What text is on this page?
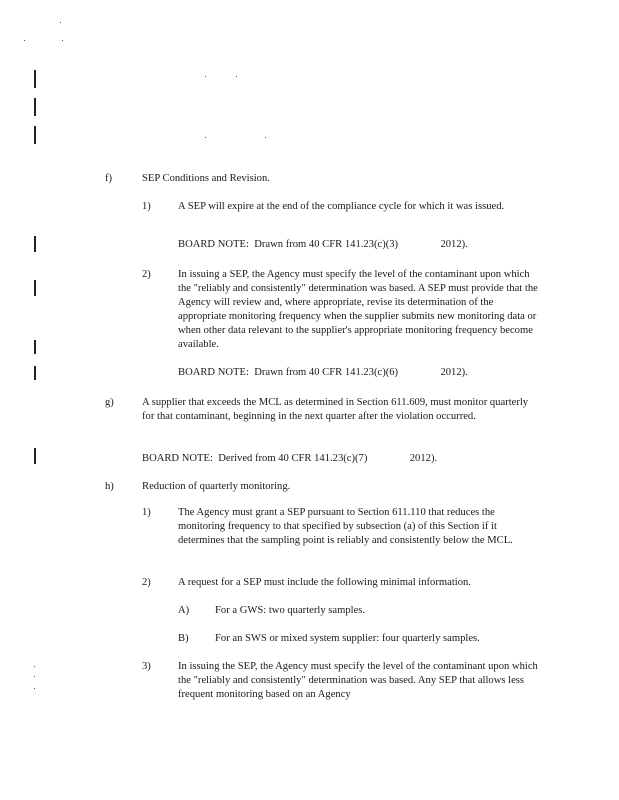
f)	SEP Conditions and Revision.

1)	A SEP will expire at the end of the compliance cycle for which it was issued.

BOARD NOTE:  Drawn from 40 CFR 141.23(c)(3)                2012).

2)	In issuing a SEP, the Agency must specify the level of the contaminant upon which the "reliably and consistently" determination was based. A SEP must provide that the Agency will review and, where appropriate, revise its determination of the appropriate monitoring frequency when the supplier submits new monitoring data or when other data relevant to the supplier's appropriate monitoring frequency become available.

BOARD NOTE:  Drawn from 40 CFR 141.23(c)(6)                2012).

g)	A supplier that exceeds the MCL as determined in Section 611.609, must monitor quarterly for that contaminant, beginning in the next quarter after the violation occurred.

BOARD NOTE:  Derived from 40 CFR 141.23(c)(7)                2012).

h)	Reduction of quarterly monitoring.

1)	The Agency must grant a SEP pursuant to Section 611.110 that reduces the monitoring frequency to that specified by subsection (a) of this Section if it determines that the sampling point is reliably and consistently below the MCL.

2)	A request for a SEP must include the following minimal information.

A) For a GWS: two quarterly samples.

B) For an SWS or mixed system supplier: four quarterly samples.

3)	In issuing the SEP, the Agency must specify the level of the contaminant upon which the "reliably and consistently" determination was based. Any SEP that allows less frequent monitoring based on an Agency
